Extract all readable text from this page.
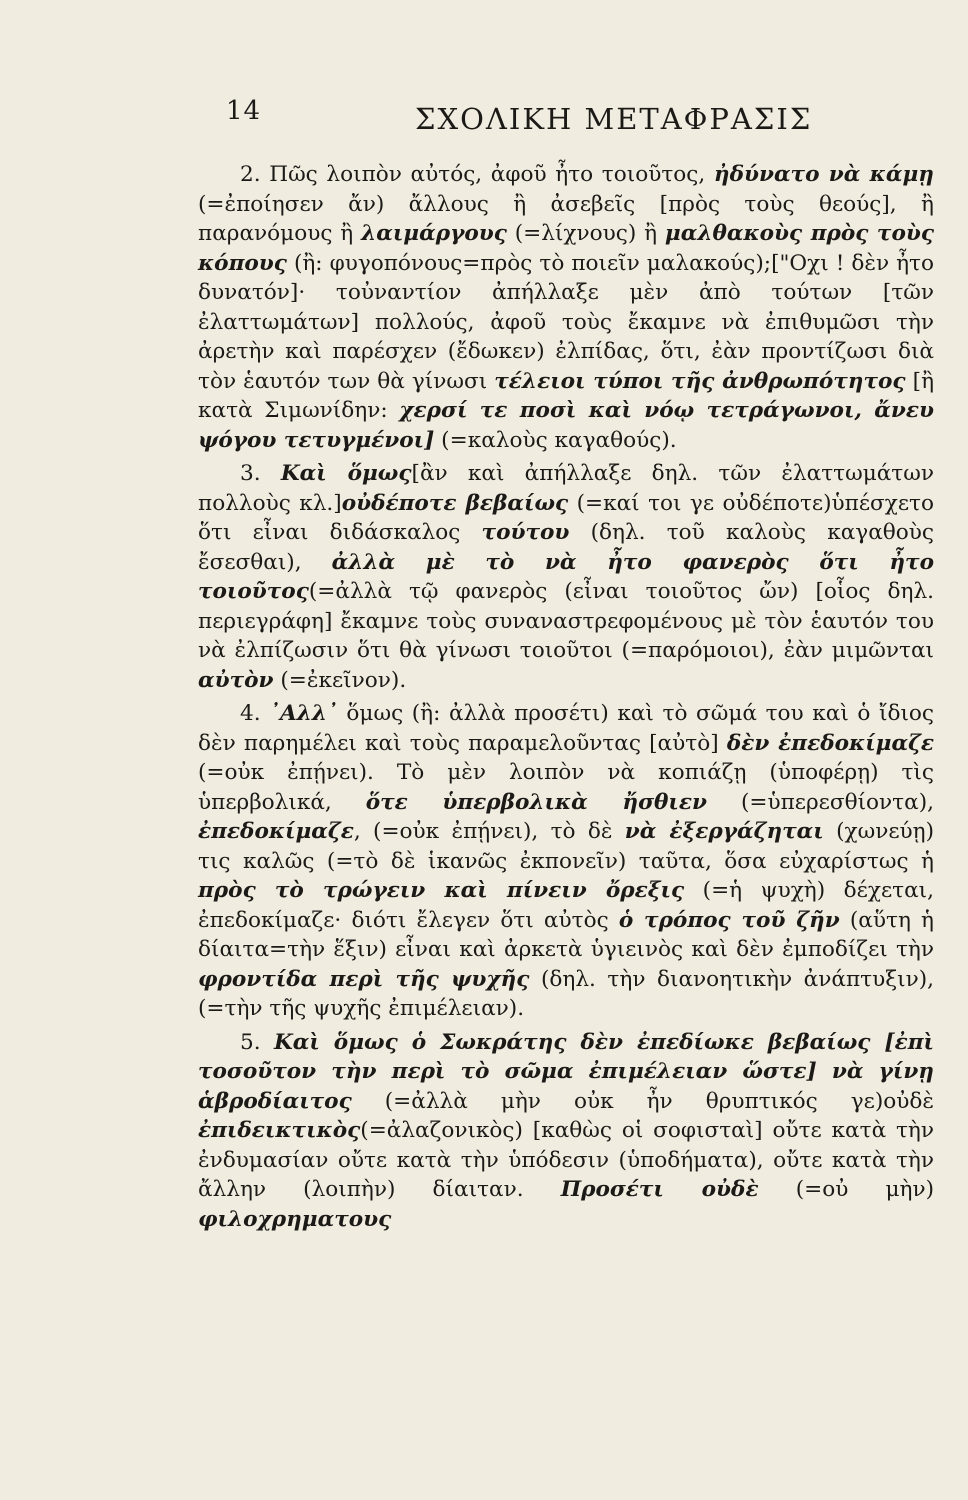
14	ΣΧΟΛΙΚΗ ΜΕΤΑΦΡΑΣΙΣ

2. Πῶς λοιπὸν αὐτός, ἀφοῦ ἦτο τοιοῦτος, ἠδύνατο νὰ κάμῃ (=ἐποίησεν ἄν) ἄλλους ἢ ἀσεβεῖς [πρὸς τοὺς θεούς], ἢ παρανόμους ἢ λαιμάργους (=λίχνους) ἢ μαλθακοὺς πρὸς τοὺς κόπους (ἢ: φυγοπόνους=πρὸς τὸ ποιεῖν μαλακούς);["Οχι ! δὲν ἦτο δυνατόν]· τοὐναντίον ἀπήλλαξε μὲν ἀπὸ τούτων [τῶν ἐλαττωμάτων] πολλούς, ἀφοῦ τοὺς ἔκαμνε νὰ ἐπιθυμῶσι τὴν ἀρετὴν καὶ παρέσχεν (ἔδωκεν) ἐλπίδας, ὅτι, ἐὰν προντίζωσι διὰ τὸν ἑαυτόν των θὰ γίνωσι τέλειοι τύποι τῆς ἀνθρωπότητος [ἢ κατὰ Σιμωνίδην: χερσί τε ποσὶ καὶ νόῳ τετράγωνοι, ἄνευ ψόγου τετυγμένοι] (=καλοὺς καγαθούς).

3. Καὶ ὅμως[ἂν καὶ ἀπήλλαξε δηλ. τῶν ἐλαττωμάτων πολλοὺς κλ.]οὐδέποτε βεβαίως (=καί τοι γε οὐδέποτε)ὑπέσχετο ὅτι εἶναι διδάσκαλος τούτου (δηλ. τοῦ καλοὺς καγαθοὺς ἔσεσθαι), ἀλλὰ μὲ τὸ νὰ ἦτο φανερὸς ὅτι ἦτο τοιοῦτος(=ἀλλὰ τῷ φανερὸς (εἶναι τοιοῦτος ὤν) [οἷος δηλ. περιεγράφη] ἔκαμνε τοὺς συναναστρεφομένους μὲ τὸν ἑαυτόν του νὰ ἐλπίζωσιν ὅτι θὰ γίνωσι τοιοῦτοι (=παρόμοιοι), ἐὰν μιμῶνται αὐτὸν (=ἐκεῖνον).

4. ᾿Αλλ᾿ ὅμως (ἢ: ἀλλὰ προσέτι) καὶ τὸ σῶμά του καὶ ὁ ἴδιος δὲν παρημέλει καὶ τοὺς παραμελοῦντας [αὐτὸ] δὲν ἐπεδοκίμαζε (=οὐκ ἐπῄνει). Τὸ μὲν λοιπὸν νὰ κοπιάζῃ (ὑποφέρῃ) τὶς ὑπερβολικά, ὅτε ὑπερβολικὰ ἤσθιεν (=ὑπερεσθίοντα), ἐπεδοκίμαζε, (=οὐκ ἐπῄνει), τὸ δὲ νὰ ἐξεργάζηται (χωνεύῃ) τις καλῶς (=τὸ δὲ ἱκανῶς ἐκπονεῖν) ταῦτα, ὅσα εὐχαρίστως ἡ πρὸς τὸ τρώγειν καὶ πίνειν ὄρεξις (=ἡ ψυχὴ) δέχεται, ἐπεδοκίμαζε· διότι ἔλεγεν ὅτι αὐτὸς ὁ τρόπος τοῦ ζῆν (αὕτη ἡ δίαιτα=τὴν ἕξιν) εἶναι καὶ ἀρκετὰ ὑγιεινὸς καὶ δὲν ἐμποδίζει τὴν φροντίδα περὶ τῆς ψυχῆς (δηλ. τὴν διανοητικὴν ἀνάπτυξιν), (=τὴν τῆς ψυχῆς ἐπιμέλειαν).

5. Καὶ ὅμως ὁ Σωκράτης δὲν ἐπεδίωκε βεβαίως [ἐπὶ τοσοῦτον τὴν περὶ τὸ σῶμα ἐπιμέλειαν ὥστε] νὰ γίνῃ ἁβροδίαιτος (=ἀλλὰ μὴν οὐκ ἦν θρυπτικός γε)οὐδὲ ἐπιδεικτικὸς(=ἀλαζονικὸς) [καθὼς οἱ σοφισταὶ] οὔτε κατὰ τὴν ἐνδυμασίαν οὔτε κατὰ τὴν ὑπόδεσιν (ὑποδήματα), οὔτε κατὰ τὴν ἄλλην (λοιπὴν) δίαιταν. Προσέτι οὐδὲ (=οὐ μὴν) φιλοχρηματους
